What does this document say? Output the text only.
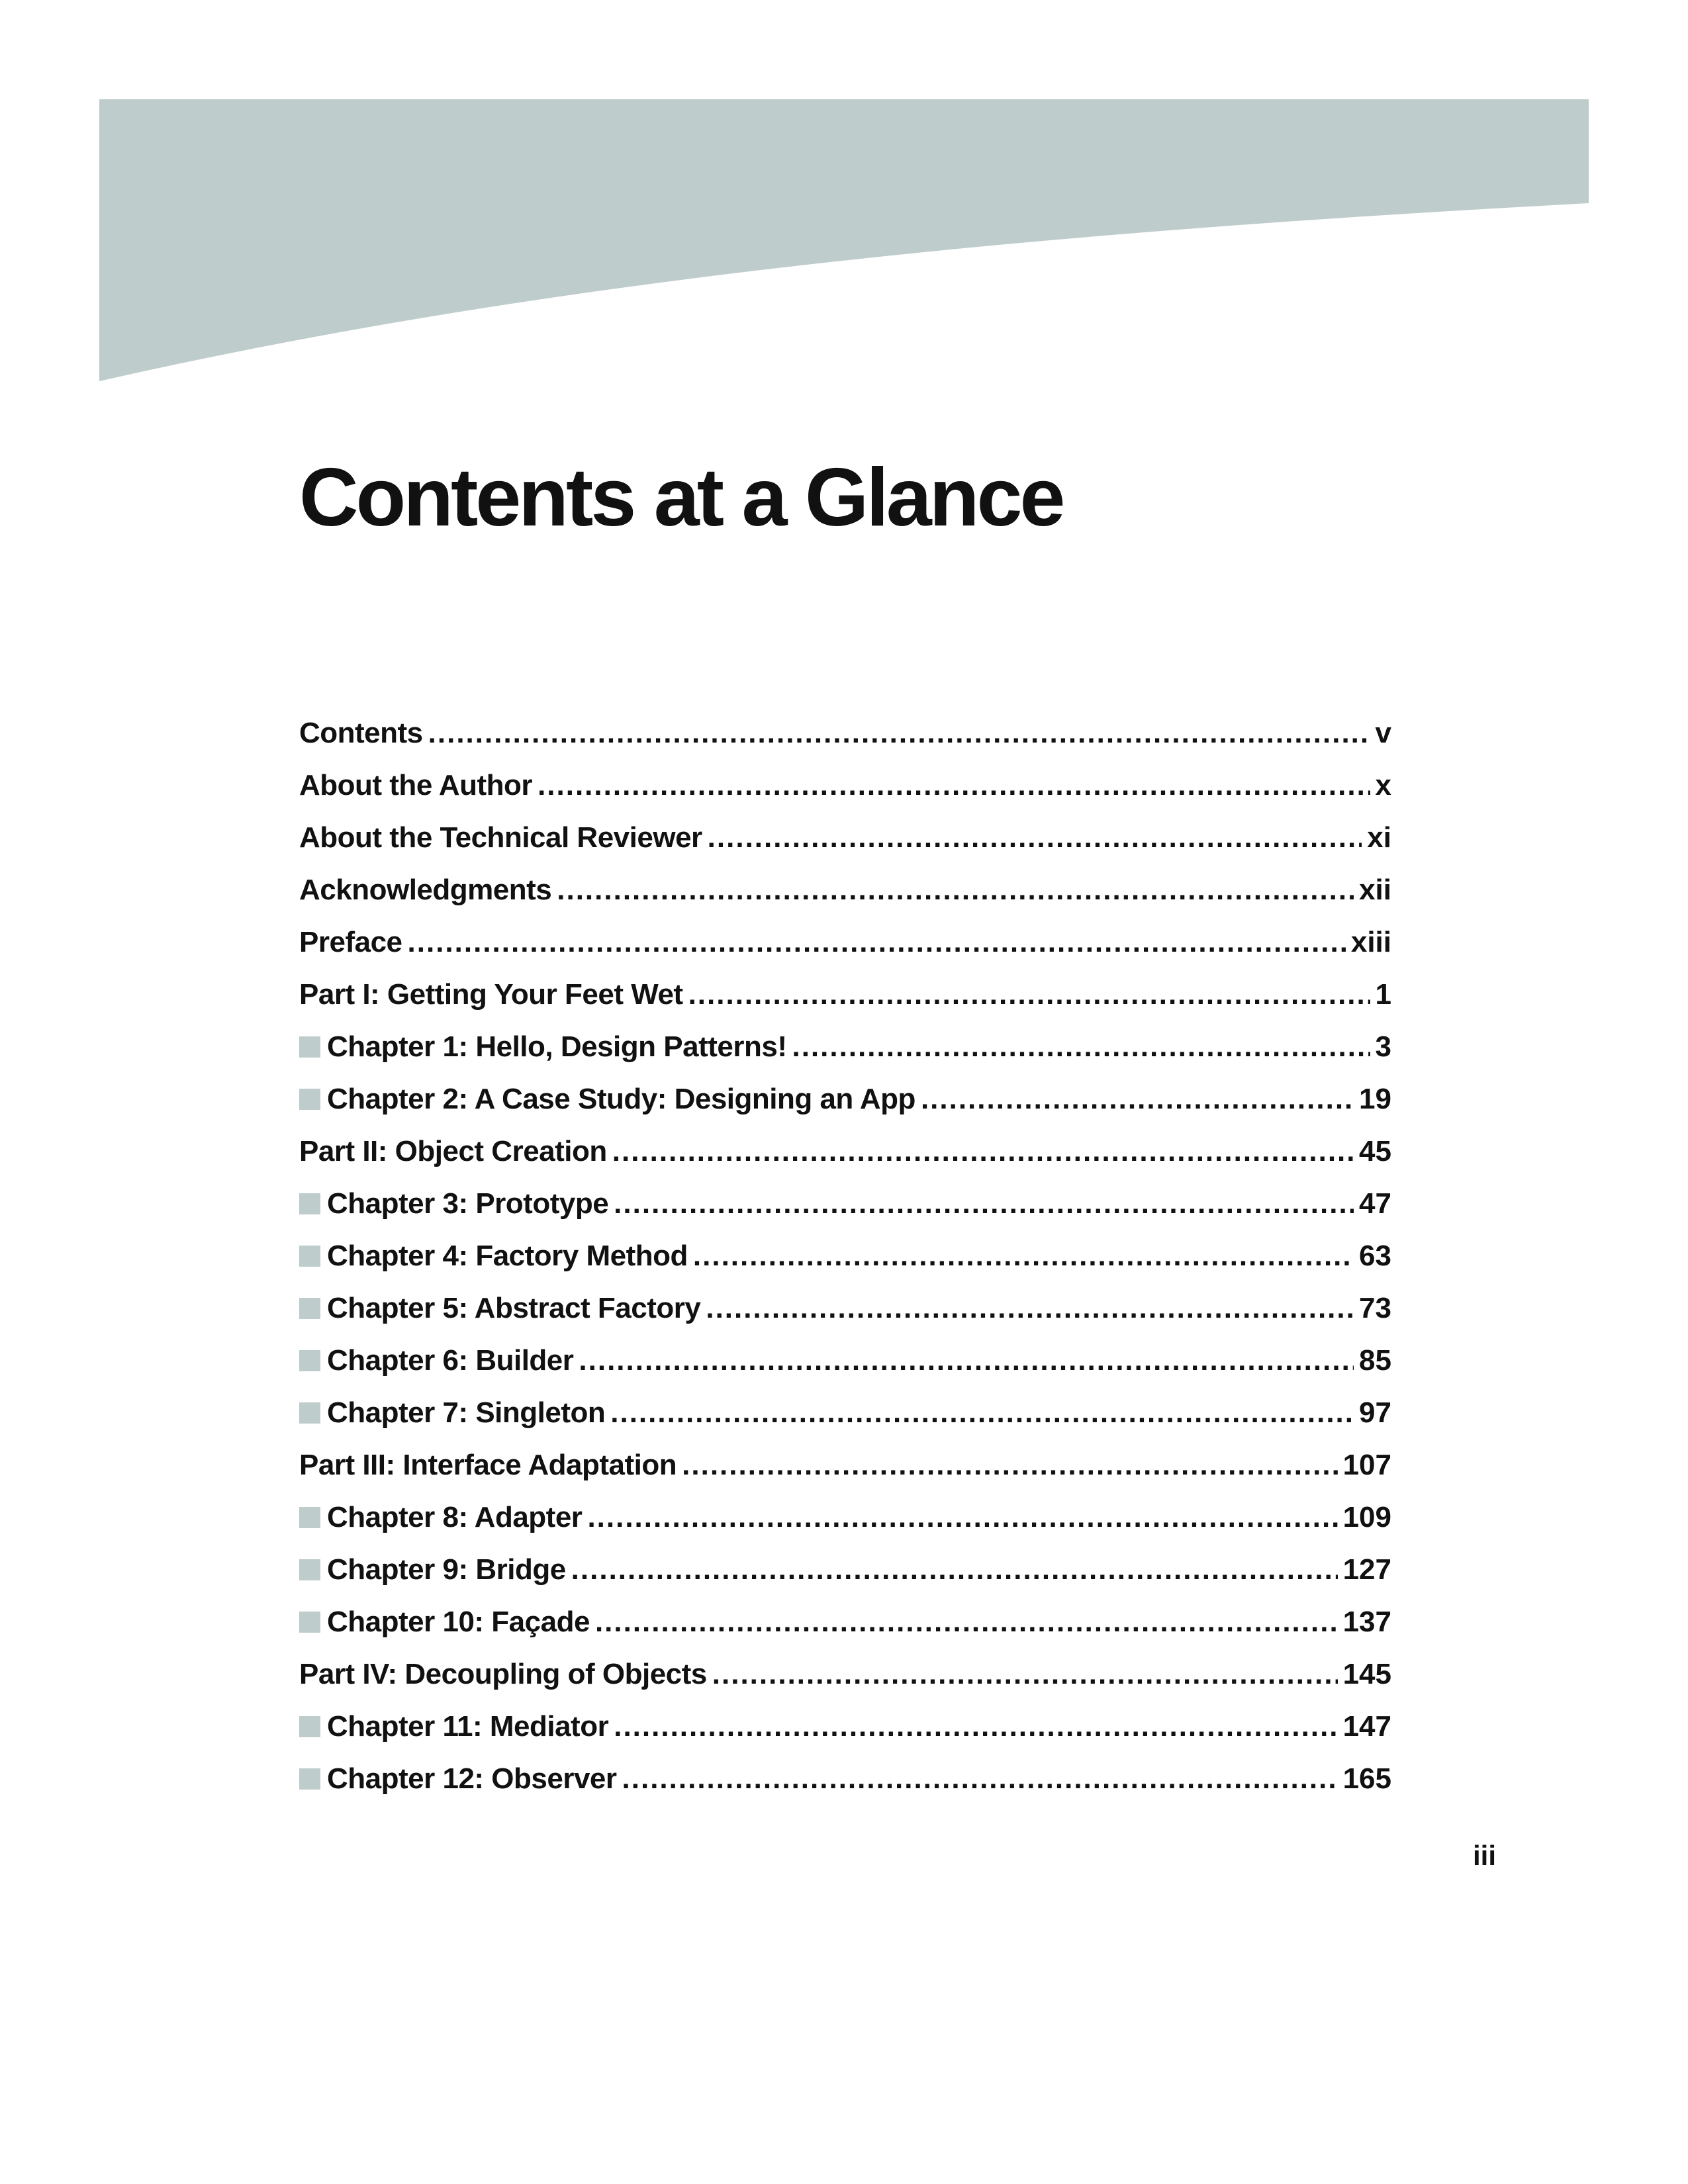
Contents at a Glance
Contents .....	v
About the Author .....	x
About the Technical Reviewer .....	xi
Acknowledgments .....	xii
Preface .....	xiii
Part I: Getting Your Feet Wet .....	1
Chapter 1: Hello, Design Patterns! .....	3
Chapter 2: A Case Study: Designing an App .....	19
Part II: Object Creation .....	45
Chapter 3: Prototype .....	47
Chapter 4: Factory Method .....	63
Chapter 5: Abstract Factory .....	73
Chapter 6: Builder .....	85
Chapter 7: Singleton .....	97
Part III: Interface Adaptation .....	107
Chapter 8: Adapter .....	109
Chapter 9: Bridge .....	127
Chapter 10: Façade .....	137
Part IV: Decoupling of Objects .....	145
Chapter 11: Mediator .....	147
Chapter 12: Observer .....	165
iii
